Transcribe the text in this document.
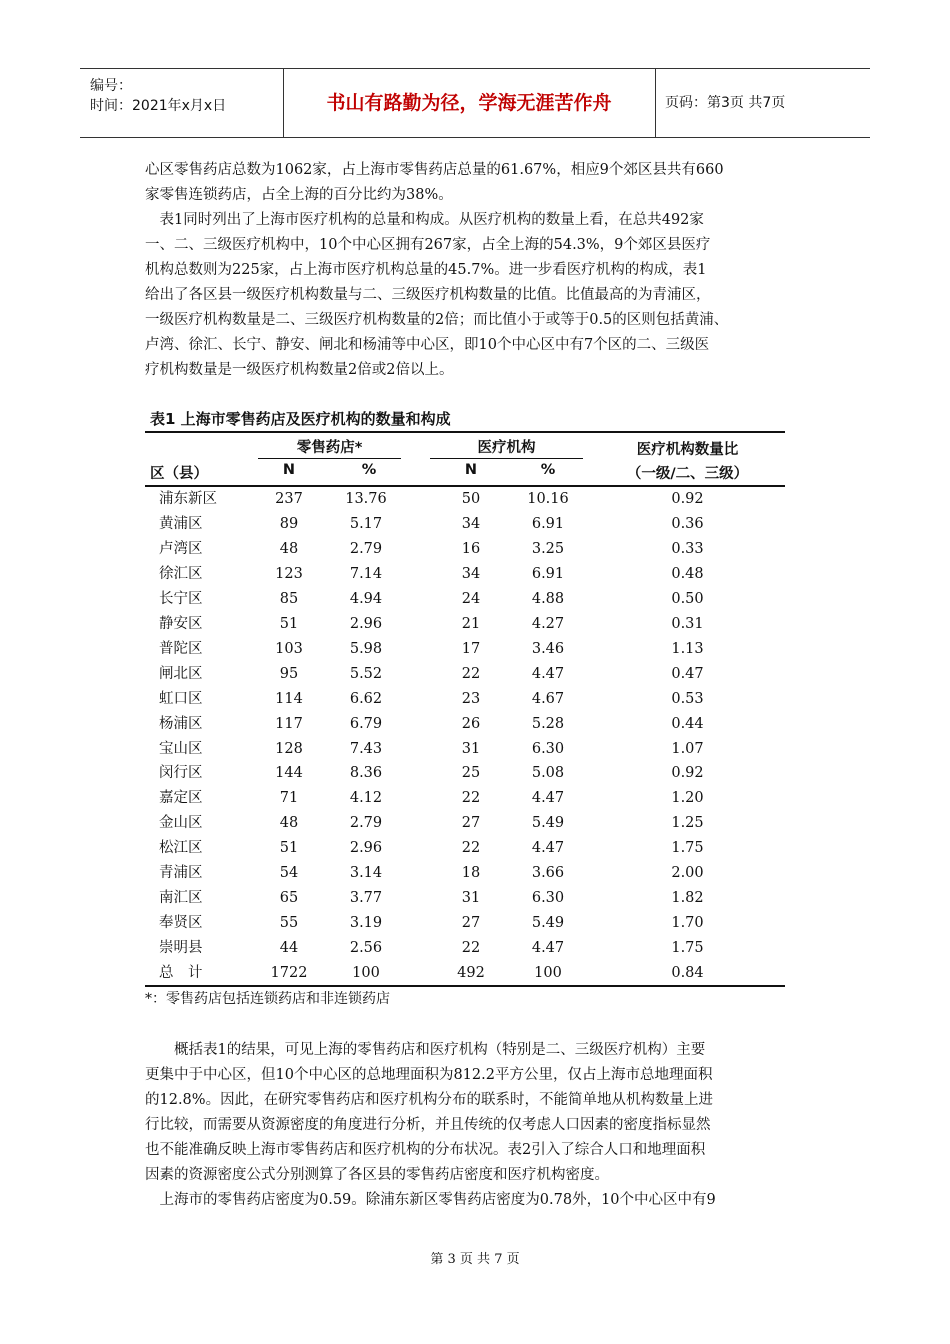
编号：
时间：2021年x月x日	书山有路勤为径，学海无涯苦作舟	页码：第3页 共7页
心区零售药店总数为1062家，占上海市零售药店总量的61.67%，相应9个郊区县共有660
家零售连锁药店，占全上海的百分比约为38%。
　表1同时列出了上海市医疗机构的总量和构成。从医疗机构的数量上看，在总共492家
一、二、三级医疗机构中，10个中心区拥有267家，占全上海的54.3%，9个郊区县医疗
机构总数则为225家，占上海市医疗机构总量的45.7%。进一步看医疗机构的构成，表1
给出了各区县一级医疗机构数量与二、三级医疗机构数量的比值。比值最高的为青浦区，
一级医疗机构数量是二、三级医疗机构数量的2倍；而比值小于或等于0.5的区则包括黄浦、
卢湾、徐汇、长宁、静安、闸北和杨浦等中心区，即10个中心区中有7个区的二、三级医
疗机构数量是一级医疗机构数量2倍或2倍以上。
表1 上海市零售药店及医疗机构的数量和构成
零售药店*	医疗机构	医疗机构数量比
区（县）	N	%	N	%	（一级/二、三级）
浦东新区	237	13.76	50	10.16	0.92
黄浦区	89	5.17	34	6.91	0.36
卢湾区	48	2.79	16	3.25	0.33
徐汇区	123	7.14	34	6.91	0.48
长宁区	85	4.94	24	4.88	0.50
静安区	51	2.96	21	4.27	0.31
普陀区	103	5.98	17	3.46	1.13
闸北区	95	5.52	22	4.47	0.47
虹口区	114	6.62	23	4.67	0.53
杨浦区	117	6.79	26	5.28	0.44
宝山区	128	7.43	31	6.30	1.07
闵行区	144	8.36	25	5.08	0.92
嘉定区	71	4.12	22	4.47	1.20
金山区	48	2.79	27	5.49	1.25
松江区	51	2.96	22	4.47	1.75
青浦区	54	3.14	18	3.66	2.00
南汇区	65	3.77	31	6.30	1.82
奉贤区	55	3.19	27	5.49	1.70
崇明县	44	2.56	22	4.47	1.75
总　计	1722	100	492	100	0.84
*：零售药店包括连锁药店和非连锁药店
　　概括表1的结果，可见上海的零售药店和医疗机构（特别是二、三级医疗机构）主要
更集中于中心区，但10个中心区的总地理面积为812.2平方公里，仅占上海市总地理面积
的12.8%。因此，在研究零售药店和医疗机构分布的联系时，不能简单地从机构数量上进
行比较，而需要从资源密度的角度进行分析，并且传统的仅考虑人口因素的密度指标显然
也不能准确反映上海市零售药店和医疗机构的分布状况。表2引入了综合人口和地理面积
因素的资源密度公式分别测算了各区县的零售药店密度和医疗机构密度。
　上海市的零售药店密度为0.59。除浦东新区零售药店密度为0.78外，10个中心区中有9
第 3 页 共 7 页
